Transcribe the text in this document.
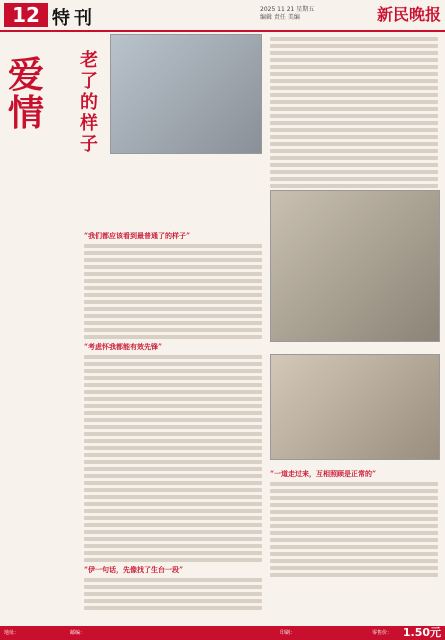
12 特刊	2025 11 21 星期五
编辑 责任 美编	新民晚报
爱情
老了的样子
“我们都应该看到最普通了的样子”
“考虑怀我都能有效先锋”
“伊一句话，先像找了生台一段”
“一道走过来，互相照顾是正常的”
地址：	邮编：	印刷：	零售价： 1.50元
